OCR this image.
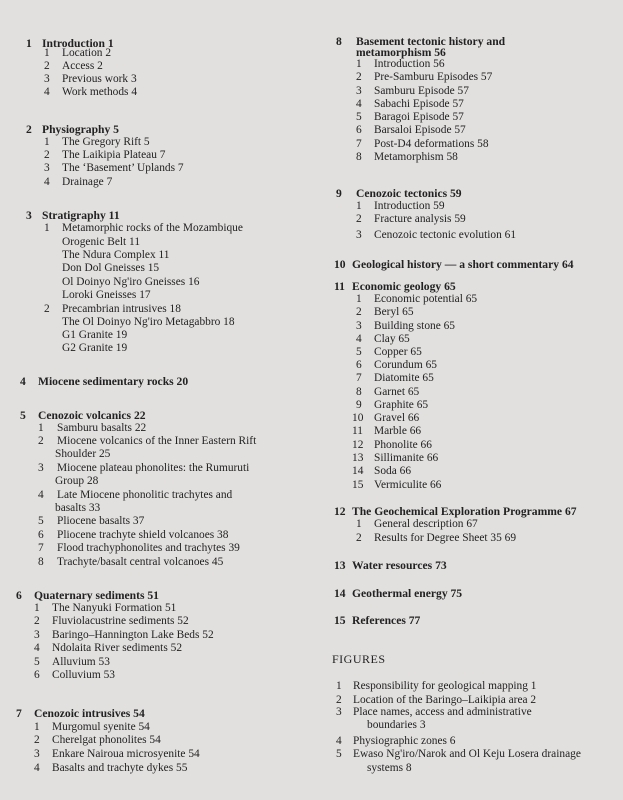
1 Introduction 1
1 Location 2
2 Access 2
3 Previous work 3
4 Work methods 4
2 Physiography 5
1 The Gregory Rift 5
2 The Laikipia Plateau 7
3 The ‘Basement’ Uplands 7
4 Drainage 7
3 Stratigraphy 11
1 Metamorphic rocks of the Mozambique
Orogenic Belt 11
The Ndura Complex 11
Don Dol Gneisses 15
Ol Doinyo Ng'iro Gneisses 16
Loroki Gneisses 17
2 Precambrian intrusives 18
The Ol Doinyo Ng'iro Metagabbro 18
G1 Granite 19
G2 Granite 19
4 Miocene sedimentary rocks 20
5 Cenozoic volcanics 22
1 Samburu basalts 22
2 Miocene volcanics of the Inner Eastern Rift
Shoulder 25
3 Miocene plateau phonolites: the Rumuruti
Group 28
4 Late Miocene phonolitic trachytes and
basalts 33
5 Pliocene basalts 37
6 Pliocene trachyte shield volcanoes 38
7 Flood trachyphonolites and trachytes 39
8 Trachyte/basalt central volcanoes 45
6 Quaternary sediments 51
1 The Nanyuki Formation 51
2 Fluviolacustrine sediments 52
3 Baringo–Hannington Lake Beds 52
4 Ndolaita River sediments 52
5 Alluvium 53
6 Colluvium 53
7 Cenozoic intrusives 54
1 Murgomul syenite 54
2 Cherelgat phonolites 54
3 Enkare Nairoua microsyenite 54
4 Basalts and trachyte dykes 55
8 Basement tectonic history and
metamorphism 56
1 Introduction 56
2 Pre-Samburu Episodes 57
3 Samburu Episode 57
4 Sabachi Episode 57
5 Baragoi Episode 57
6 Barsaloi Episode 57
7 Post-D4 deformations 58
8 Metamorphism 58
9 Cenozoic tectonics 59
1 Introduction 59
2 Fracture analysis 59
3 Cenozoic tectonic evolution 61
10 Geological history — a short commentary 64
11 Economic geology 65
1 Economic potential 65
2 Beryl 65
3 Building stone 65
4 Clay 65
5 Copper 65
6 Corundum 65
7 Diatomite 65
8 Garnet 65
9 Graphite 65
10 Gravel 66
11 Marble 66
12 Phonolite 66
13 Sillimanite 66
14 Soda 66
15 Vermiculite 66
12 The Geochemical Exploration Programme 67
1 General description 67
2 Results for Degree Sheet 35 69
13 Water resources 73
14 Geothermal energy 75
15 References 77
FIGURES
1 Responsibility for geological mapping 1
2 Location of the Baringo–Laikipia area 2
3 Place names, access and administrative
boundaries 3
4 Physiographic zones 6
5 Ewaso Ng'iro/Narok and Ol Keju Losera drainage
systems 8
